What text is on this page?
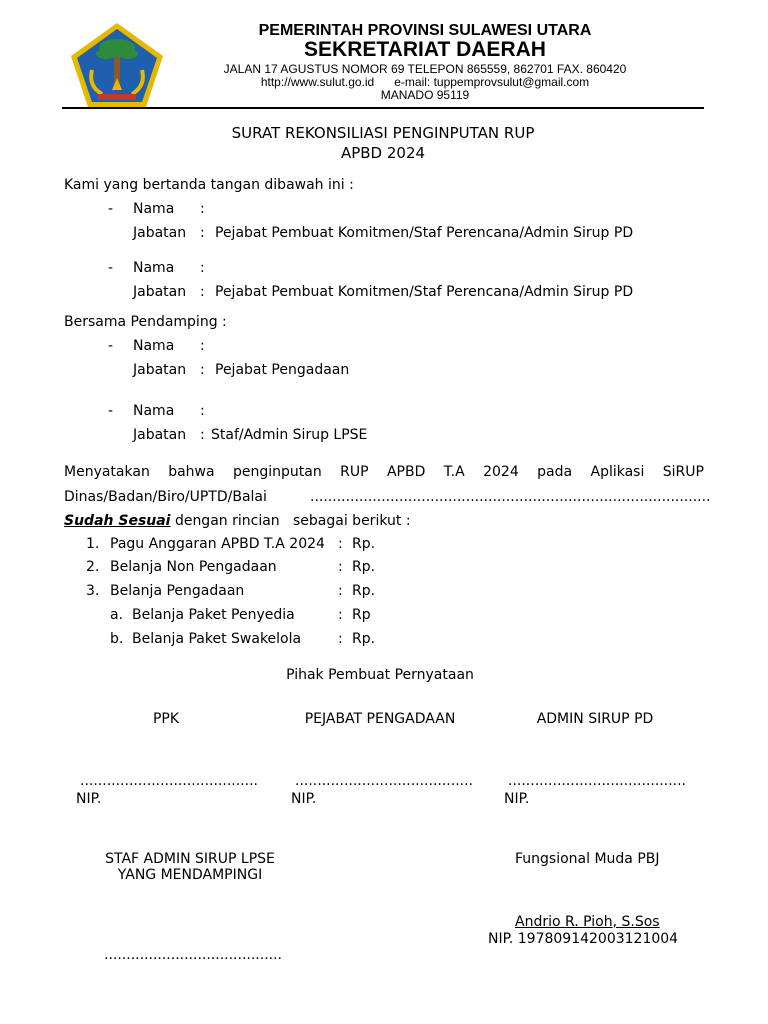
PEMERINTAH PROVINSI SULAWESI UTARA
SEKRETARIAT DAERAH
JALAN 17 AGUSTUS NOMOR 69 TELEPON 865559, 862701 FAX. 860420
http://www.sulut.go.id      e-mail: tuppemprovsulut@gmail.com
MANADO 95119
SURAT REKONSILIASI PENGINPUTAN RUP
APBD 2024
Kami yang bertanda tangan dibawah ini :
- Nama :
Jabatan : Pejabat Pembuat Komitmen/Staf Perencana/Admin Sirup PD
- Nama :
Jabatan : Pejabat Pembuat Komitmen/Staf Perencana/Admin Sirup PD
Bersama Pendamping :
- Nama :
Jabatan : Pejabat Pengadaan
- Nama :
Jabatan : Staf/Admin Sirup LPSE
Menyatakan bahwa penginputan RUP APBD T.A 2024 pada Aplikasi SiRUP
Dinas/Badan/Biro/UPTD/Balai	..........................................................................................
Sudah Sesuai dengan rincian   sebagai berikut :
1. Pagu Anggaran APBD T.A 2024 : Rp.
2. Belanja Non Pengadaan	: Rp.
3. Belanja Pengadaan	: Rp.
a. Belanja Paket Penyedia	: Rp
b. Belanja Paket Swakelola	: Rp.
Pihak Pembuat Pernyataan
PPK	PEJABAT PENGADAAN	ADMIN SIRUP PD
........................................	........................................ ........................................
NIP.	NIP.	NIP.
STAF ADMIN SIRUP LPSE
YANG MENDAMPINGI
........................................
Fungsional Muda PBJ
Andrio R. Pioh, S.Sos
NIP. 197809142003121004
